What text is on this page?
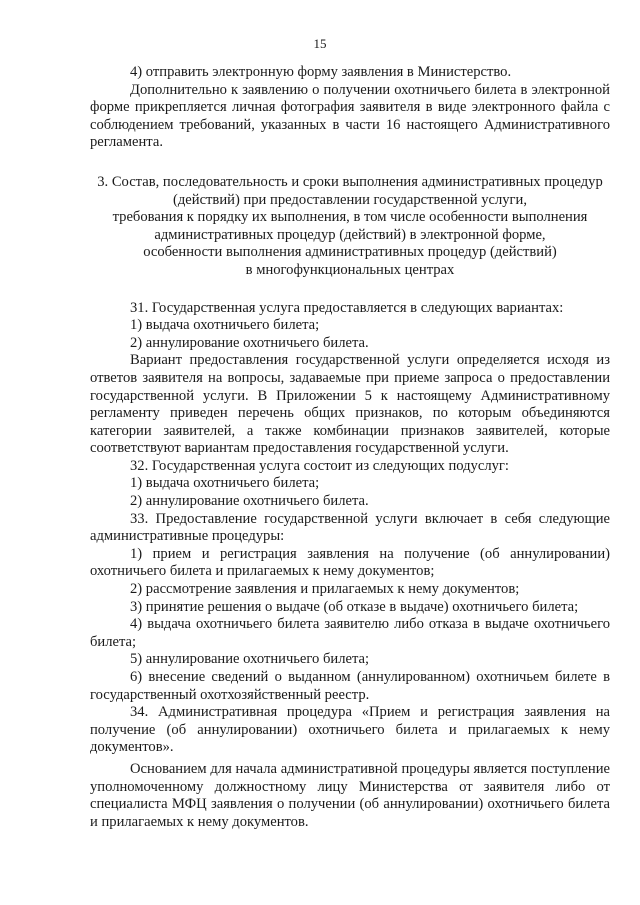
15

4) отправить электронную форму заявления в Министерство.

Дополнительно к заявлению о получении охотничьего билета в электронной форме прикрепляется личная фотография заявителя в виде электронного файла с соблюдением требований, указанных в части 16 настоящего Административного регламента.

3. Состав, последовательность и сроки выполнения административных процедур
(действий) при предоставлении государственной услуги,
требования к порядку их выполнения, в том числе особенности выполнения
административных процедур (действий) в электронной форме,
особенности выполнения административных процедур (действий)
в многофункциональных центрах

31. Государственная услуга предоставляется в следующих вариантах:

1) выдача охотничьего билета;

2) аннулирование охотничьего билета.

Вариант предоставления государственной услуги определяется исходя из ответов заявителя на вопросы, задаваемые при приеме запроса о предоставлении государственной услуги. В Приложении 5 к настоящему Административному регламенту приведен перечень общих признаков, по которым объединяются категории заявителей, а также комбинации признаков заявителей, которые соответствуют вариантам предоставления государственной услуги.

32. Государственная услуга состоит из следующих подуслуг:

1) выдача охотничьего билета;

2) аннулирование охотничьего билета.

33. Предоставление государственной услуги включает в себя следующие административные процедуры:

1) прием и регистрация заявления на получение (об аннулировании) охотничьего билета и прилагаемых к нему документов;

2) рассмотрение заявления и прилагаемых к нему документов;

3) принятие решения о выдаче (об отказе в выдаче) охотничьего билета;

4) выдача охотничьего билета заявителю либо отказа в выдаче охотничьего билета;

5) аннулирование охотничьего билета;

6) внесение сведений о выданном (аннулированном) охотничьем билете в государственный охотхозяйственный реестр.

34. Административная процедура «Прием и регистрация заявления на получение (об аннулировании) охотничьего билета и прилагаемых к нему документов».

Основанием для начала административной процедуры является поступление уполномоченному должностному лицу Министерства от заявителя либо от специалиста МФЦ заявления о получении (об аннулировании) охотничьего билета и прилагаемых к нему документов.
